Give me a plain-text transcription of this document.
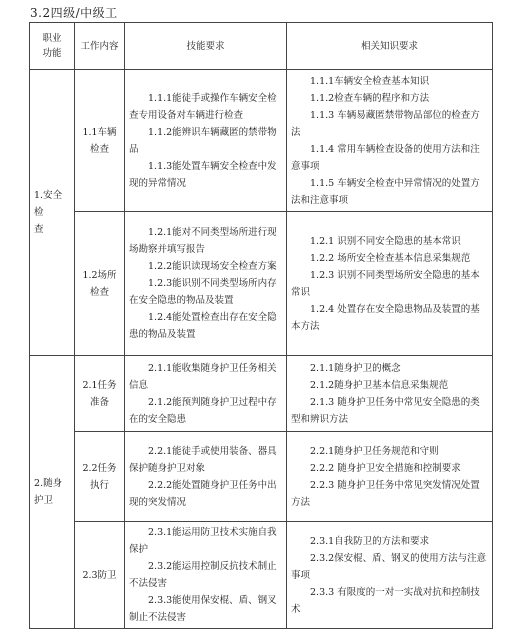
3.2四级/中级工
职业
功能	工作内容	技能要求	相关知识要求
1.安全检
查	1.1车辆
检查	1.1.1能徒手或操作车辆安全检查专用设备对车辆进行检查
1.1.2能辨识车辆藏匿的禁带物品
1.1.3能处置车辆安全检查中发现的异常情况	1.1.1车辆安全检查基本知识
1.1.2检查车辆的程序和方法
1.1.3 车辆易藏匿禁带物品部位的检查方法
1.1.4 常用车辆检查设备的使用方法和注意事项
1.1.5 车辆安全检查中异常情况的处置方法和注意事项

	1.2场所
检查	1.2.1能对不同类型场所进行现场勘察并填写报告
1.2.2能识读现场安全检查方案
1.2.3能识别不同类型场所内存在安全隐患的物品及装置
1.2.4能处置检查出存在安全隐患的物品及装置	1.2.1 识别不同安全隐患的基本常识
1.2.2 场所安全检查基本信息采集规范
1.2.3 识别不同类型场所安全隐患的基本常识
1.2.4 处置存在安全隐患物品及装置的基本方法

2.随身
护卫	2.1任务
准备	2.1.1能收集随身护卫任务相关信息
2.1.2能预判随身护卫过程中存在的安全隐患	2.1.1随身护卫的概念
2.1.2随身护卫基本信息采集规范
2.1.3 随身护卫任务中常见安全隐患的类型和辨识方法

	2.2任务
执行	2.2.1能徒手或使用装备、器具保护随身护卫对象
2.2.2能处置随身护卫任务中出现的突发情况	2.2.1随身护卫任务规范和守则
2.2.2 随身护卫安全措施和控制要求
2.2.3 随身护卫任务中常见突发情况处置方法

	2.3防卫	2.3.1能运用防卫技术实施自我保护
2.3.2能运用控制反抗技术制止不法侵害
2.3.3能使用保安棍、盾、钢叉制止不法侵害	2.3.1自我防卫的方法和要求
2.3.2保安棍、盾、钢叉的使用方法与注意事项
2.3.3 有限度的一对一实战对抗和控制技术
